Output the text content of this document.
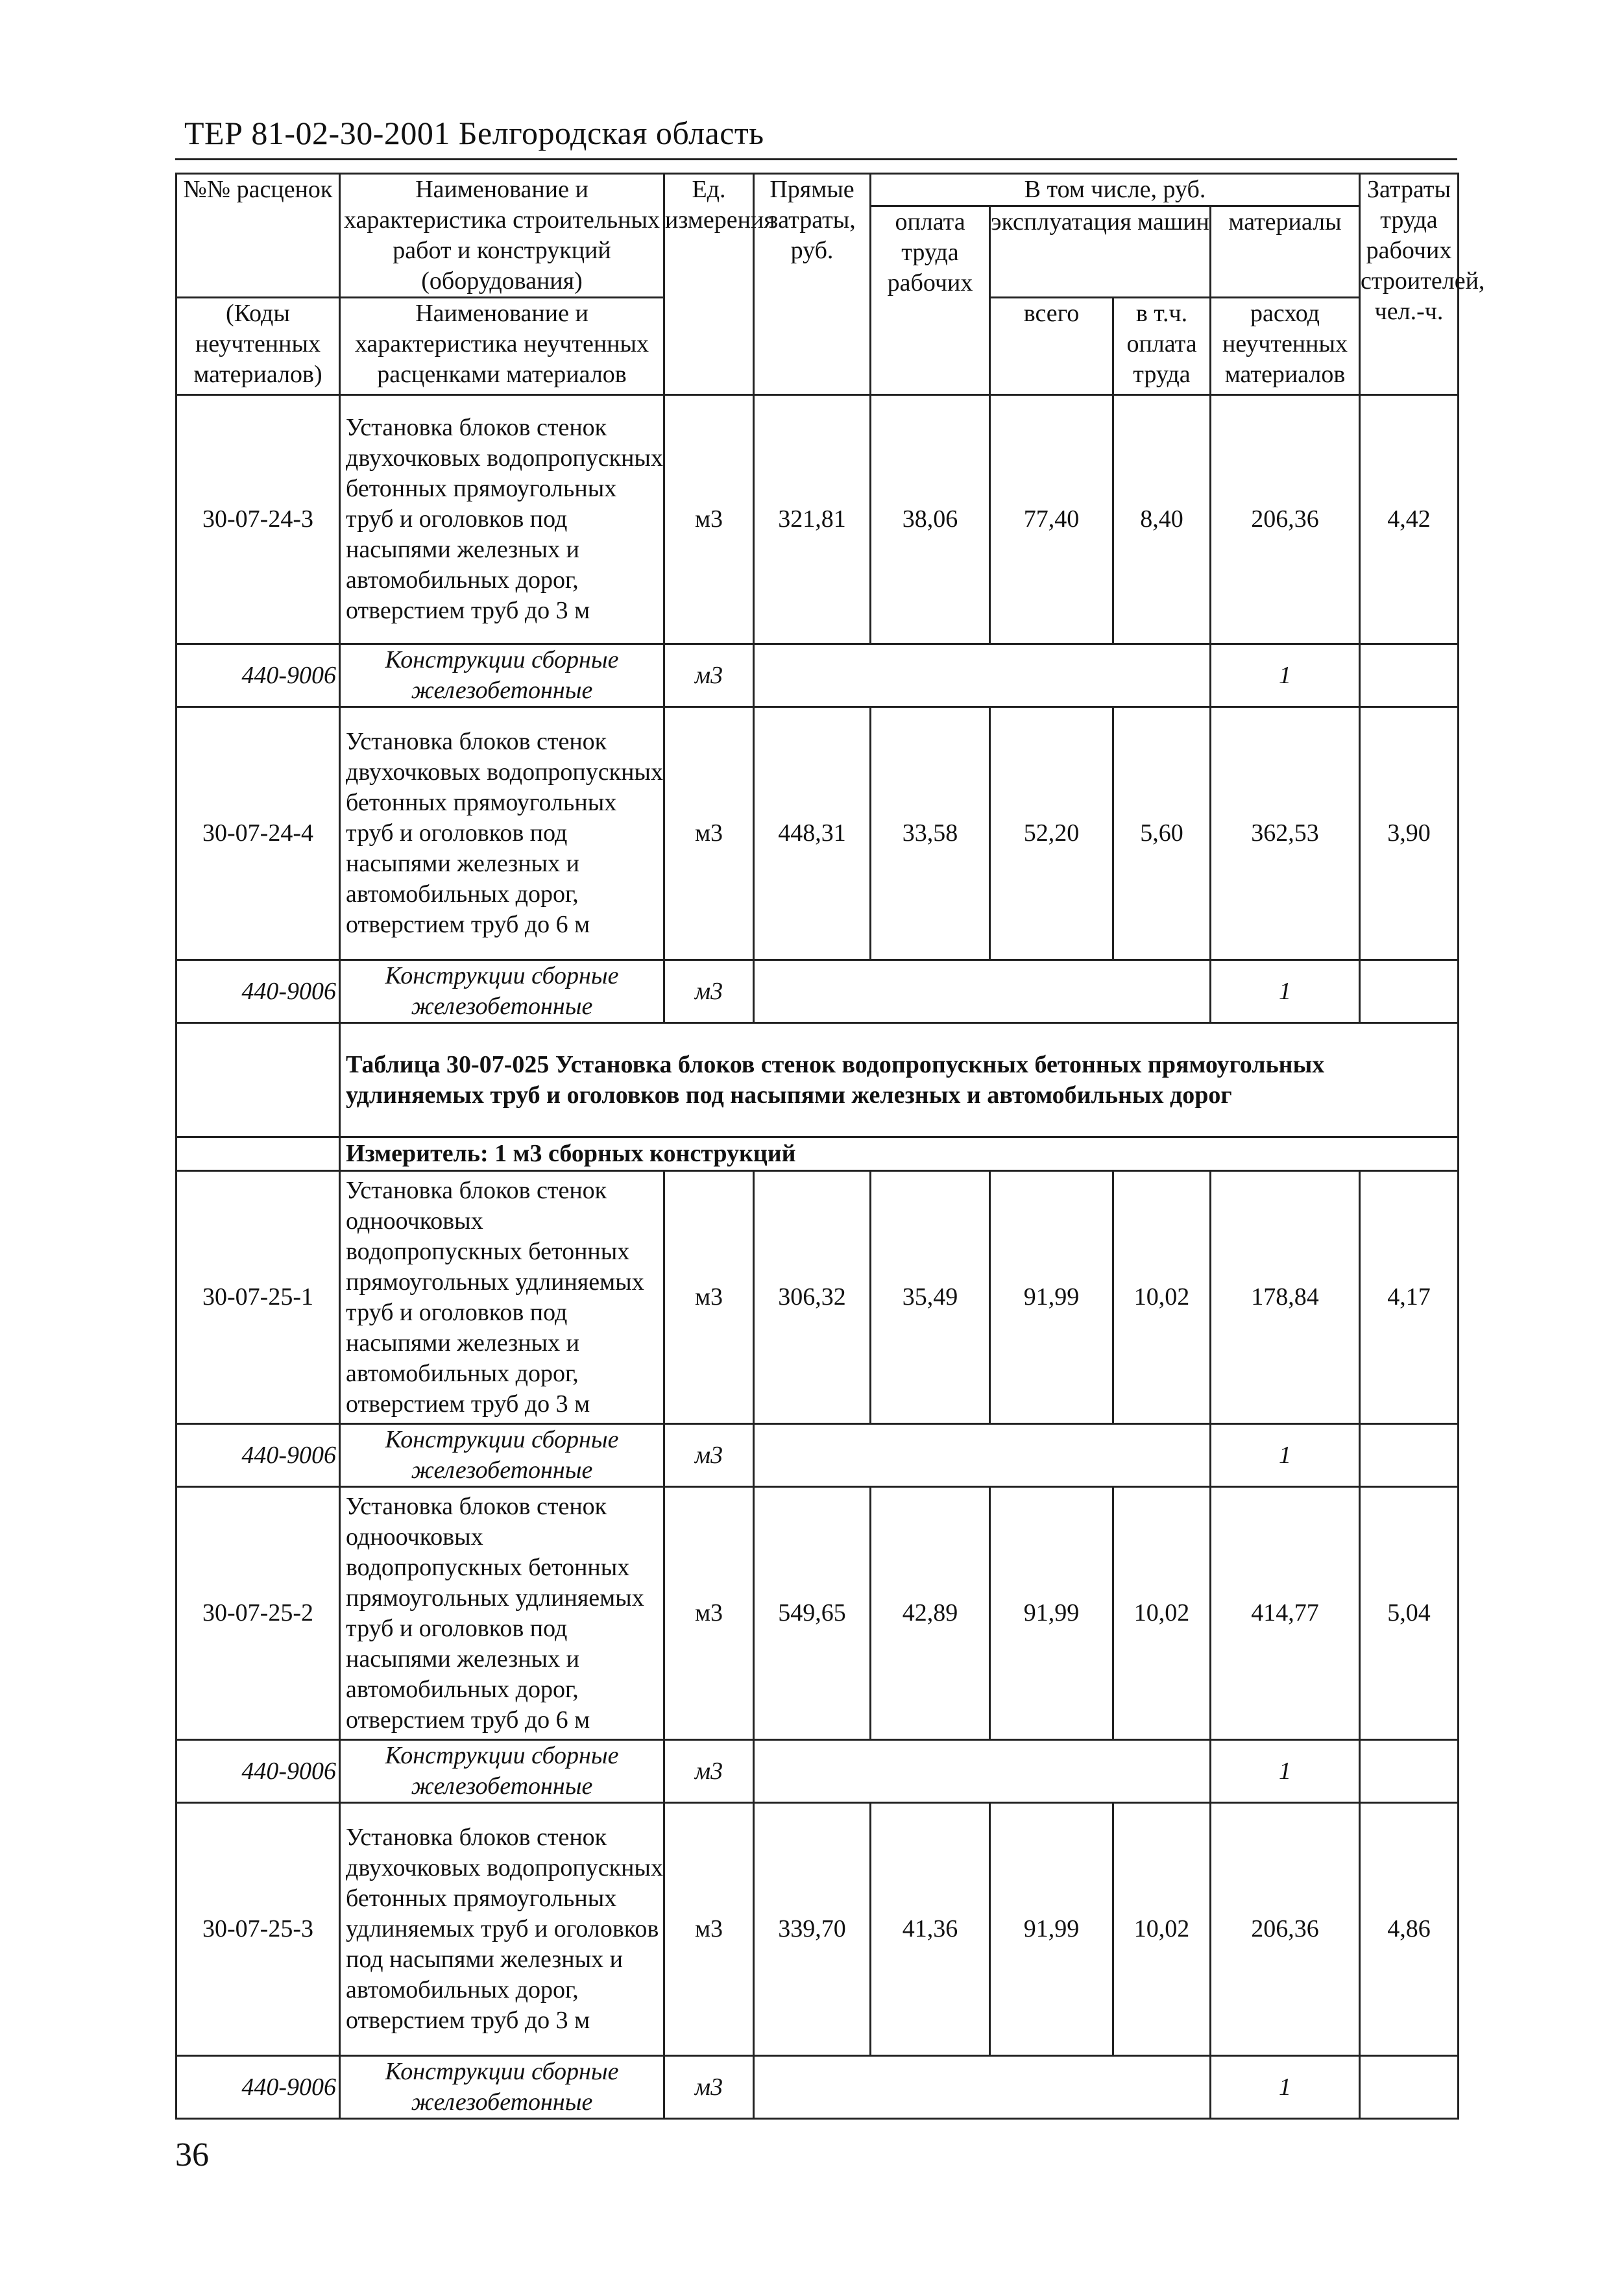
ТЕР 81-02-30-2001 Белгородская область
№№ расценок	Наименование и характеристика строительных работ и конструкций (оборудования)	Ед. измерения	Прямые затраты, руб.	В том числе, руб.				Затраты труда рабочих строителей, чел.-ч.
				оплата труда рабочих	эксплуатация машин		материалы	

(Коды неучтенных материалов)	Наименование и характеристика неучтенных расценками материалов				всего	в т.ч. оплата труда	расход неучтенных материалов	

30-07-24-3	Установка блоков стенок двухочковых водопропускных бетонных прямоугольных труб и оголовков под насыпями железных и автомобильных дорог, отверстием труб до 3 м	м3	321,81	38,06	77,40	8,40	206,36	4,42
440-9006	Конструкции сборные железобетонные	м3					1	
30-07-24-4	Установка блоков стенок двухочковых водопропускных бетонных прямоугольных труб и оголовков под насыпями железных и автомобильных дорог, отверстием труб до 6 м	м3	448,31	33,58	52,20	5,60	362,53	3,90
440-9006	Конструкции сборные железобетонные	м3					1	
	Таблица 30-07-025 Установка блоков стенок водопропускных бетонных прямоугольных удлиняемых труб и оголовков под насыпями железных и автомобильных дорог							
	Измеритель: 1 м3 сборных конструкций							
30-07-25-1	Установка блоков стенок одноочковых водопропускных бетонных прямоугольных удлиняемых труб и оголовков под насыпями железных и автомобильных дорог, отверстием труб до 3 м	м3	306,32	35,49	91,99	10,02	178,84	4,17
440-9006	Конструкции сборные железобетонные	м3					1	
30-07-25-2	Установка блоков стенок одноочковых водопропускных бетонных прямоугольных удлиняемых труб и оголовков под насыпями железных и автомобильных дорог, отверстием труб до 6 м	м3	549,65	42,89	91,99	10,02	414,77	5,04
440-9006	Конструкции сборные железобетонные	м3					1	
30-07-25-3	Установка блоков стенок двухочковых водопропускных бетонных прямоугольных удлиняемых труб и оголовков под насыпями железных и автомобильных дорог, отверстием труб до 3 м	м3	339,70	41,36	91,99	10,02	206,36	4,86
440-9006	Конструкции сборные железобетонные	м3					1	
36
